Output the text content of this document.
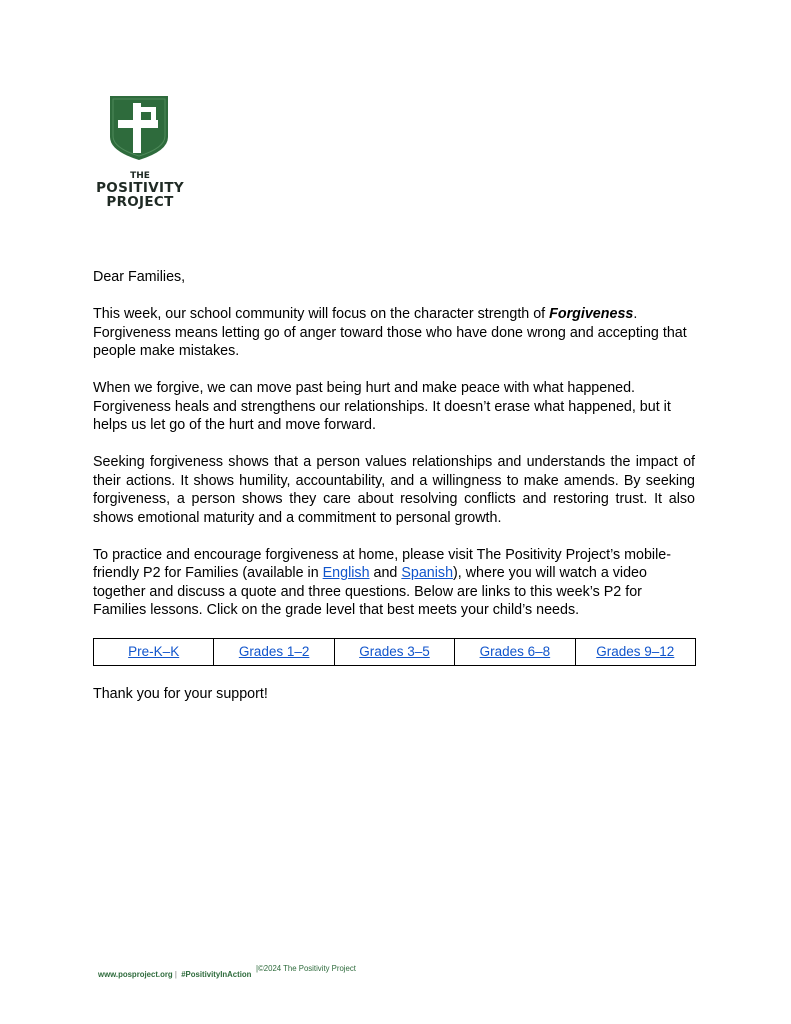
THE
POSITIVITY
PROJECT

Dear Families,

This week, our school community will focus on the character strength of Forgiveness. Forgiveness means letting go of anger toward those who have done wrong and accepting that people make mistakes.

When we forgive, we can move past being hurt and make peace with what happened. Forgiveness heals and strengthens our relationships. It doesn’t erase what happened, but it helps us let go of the hurt and move forward.

Seeking forgiveness shows that a person values relationships and understands the impact of their actions. It shows humility, accountability, and a willingness to make amends. By seeking forgiveness, a person shows they care about resolving conflicts and restoring trust. It also shows emotional maturity and a commitment to personal growth.

To practice and encourage forgiveness at home, please visit The Positivity Project’s mobile-friendly P2 for Families (available in English and Spanish), where you will watch a video together and discuss a quote and three questions. Below are links to this week’s P2 for Families lessons. Click on the grade level that best meets your child’s needs.

Pre-K–K	Grades 1–2	Grades 3–5	Grades 6–8	Grades 9–12

Thank you for your support!

www.posproject.org | #PositivityInAction
|©2024 The Positivity Project
